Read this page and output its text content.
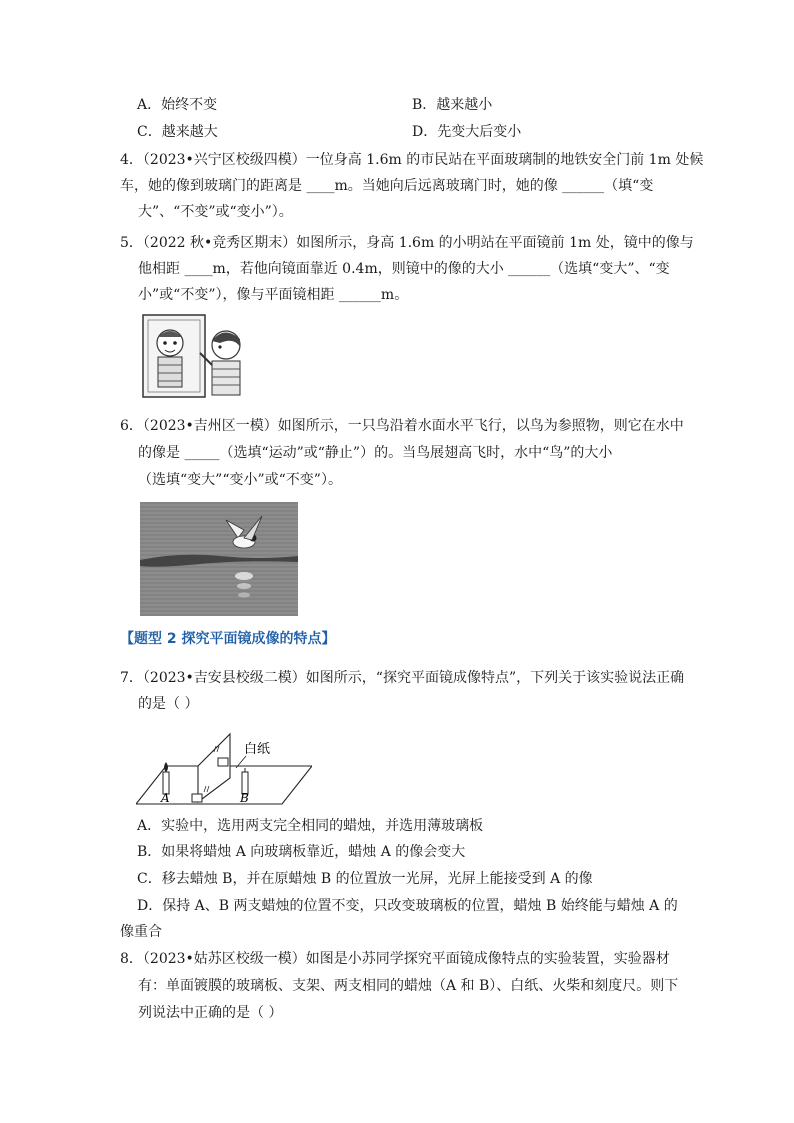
A．始终不变	B．越来越小
C．越来越大	D．先变大后变小
4．（2023•兴宁区校级四模）一位身高 1.6m 的市民站在平面玻璃制的地铁安全门前 1m 处候
车，她的像到玻璃门的距离是 ____m。当她向后远离玻璃门时，她的像 ______（填“变
大”、“不变”或“变小”）。
5．（2022 秋•竞秀区期末）如图所示，身高 1.6m 的小明站在平面镜前 1m 处，镜中的像与
他相距 ____m，若他向镜面靠近 0.4m，则镜中的像的大小 ______（选填“变大”、“变
小”或“不变”），像与平面镜相距 ______m。
6．（2023•吉州区一模）如图所示，一只鸟沿着水面水平飞行，以鸟为参照物，则它在水中
的像是 _____（选填“运动”或“静止”）的。当鸟展翅高飞时，水中“鸟”的大小
（选填“变大”“变小”或“不变”）。
【题型 2 探究平面镜成像的特点】
7．（2023•吉安县校级二模）如图所示，“探究平面镜成像特点”，下列关于该实验说法正确
的是（ ）
A	B
白纸
A．实验中，选用两支完全相同的蜡烛，并选用薄玻璃板
B．如果将蜡烛 A 向玻璃板靠近，蜡烛 A 的像会变大
C．移去蜡烛 B，并在原蜡烛 B 的位置放一光屏，光屏上能接受到 A 的像
D．保持 A、B 两支蜡烛的位置不变，只改变玻璃板的位置，蜡烛 B 始终能与蜡烛 A 的
像重合
8．（2023•姑苏区校级一模）如图是小苏同学探究平面镜成像特点的实验装置，实验器材
有：单面镀膜的玻璃板、支架、两支相同的蜡烛（A 和 B）、白纸、火柴和刻度尺。则下
列说法中正确的是（ ）
